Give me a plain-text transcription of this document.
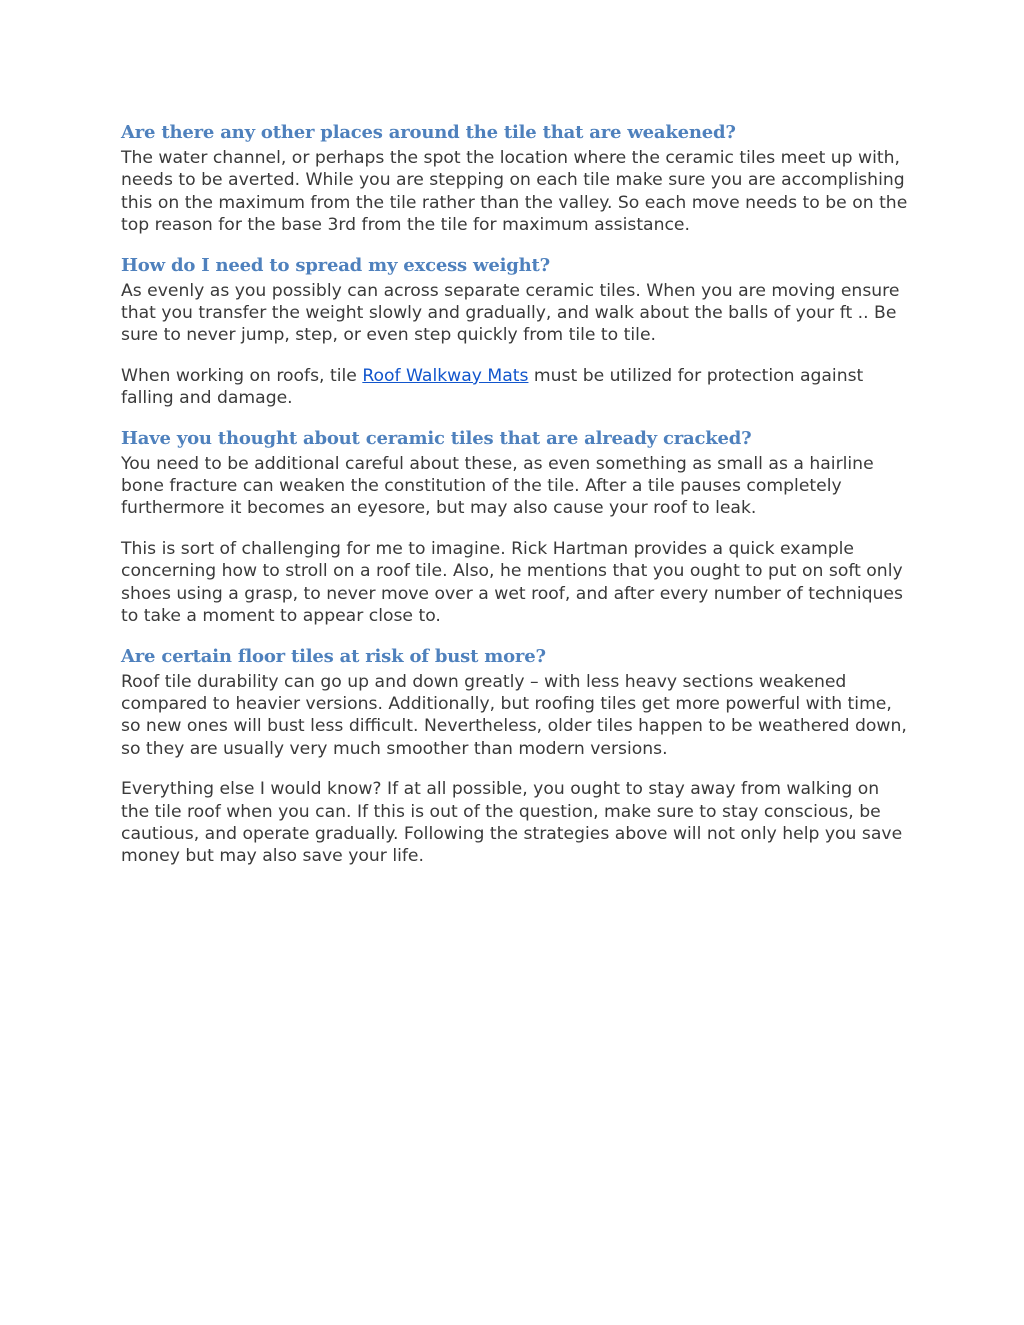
Are there any other places around the tile that are weakened?

The water channel, or perhaps the spot the location where the ceramic tiles meet up with, needs to be averted. While you are stepping on each tile make sure you are accomplishing this on the maximum from the tile rather than the valley. So each move needs to be on the top reason for the base 3rd from the tile for maximum assistance.

How do I need to spread my excess weight?

As evenly as you possibly can across separate ceramic tiles. When you are moving ensure that you transfer the weight slowly and gradually, and walk about the balls of your ft .. Be sure to never jump, step, or even step quickly from tile to tile.

When working on roofs, tile Roof Walkway Mats must be utilized for protection against falling and damage.

Have you thought about ceramic tiles that are already cracked?

You need to be additional careful about these, as even something as small as a hairline bone fracture can weaken the constitution of the tile. After a tile pauses completely furthermore it becomes an eyesore, but may also cause your roof to leak.

This is sort of challenging for me to imagine. Rick Hartman provides a quick example concerning how to stroll on a roof tile. Also, he mentions that you ought to put on soft only shoes using a grasp, to never move over a wet roof, and after every number of techniques to take a moment to appear close to.

Are certain floor tiles at risk of bust more?

Roof tile durability can go up and down greatly – with less heavy sections weakened compared to heavier versions. Additionally, but roofing tiles get more powerful with time, so new ones will bust less difficult. Nevertheless, older tiles happen to be weathered down, so they are usually very much smoother than modern versions.

Everything else I would know? If at all possible, you ought to stay away from walking on the tile roof when you can. If this is out of the question, make sure to stay conscious, be cautious, and operate gradually. Following the strategies above will not only help you save money but may also save your life.
